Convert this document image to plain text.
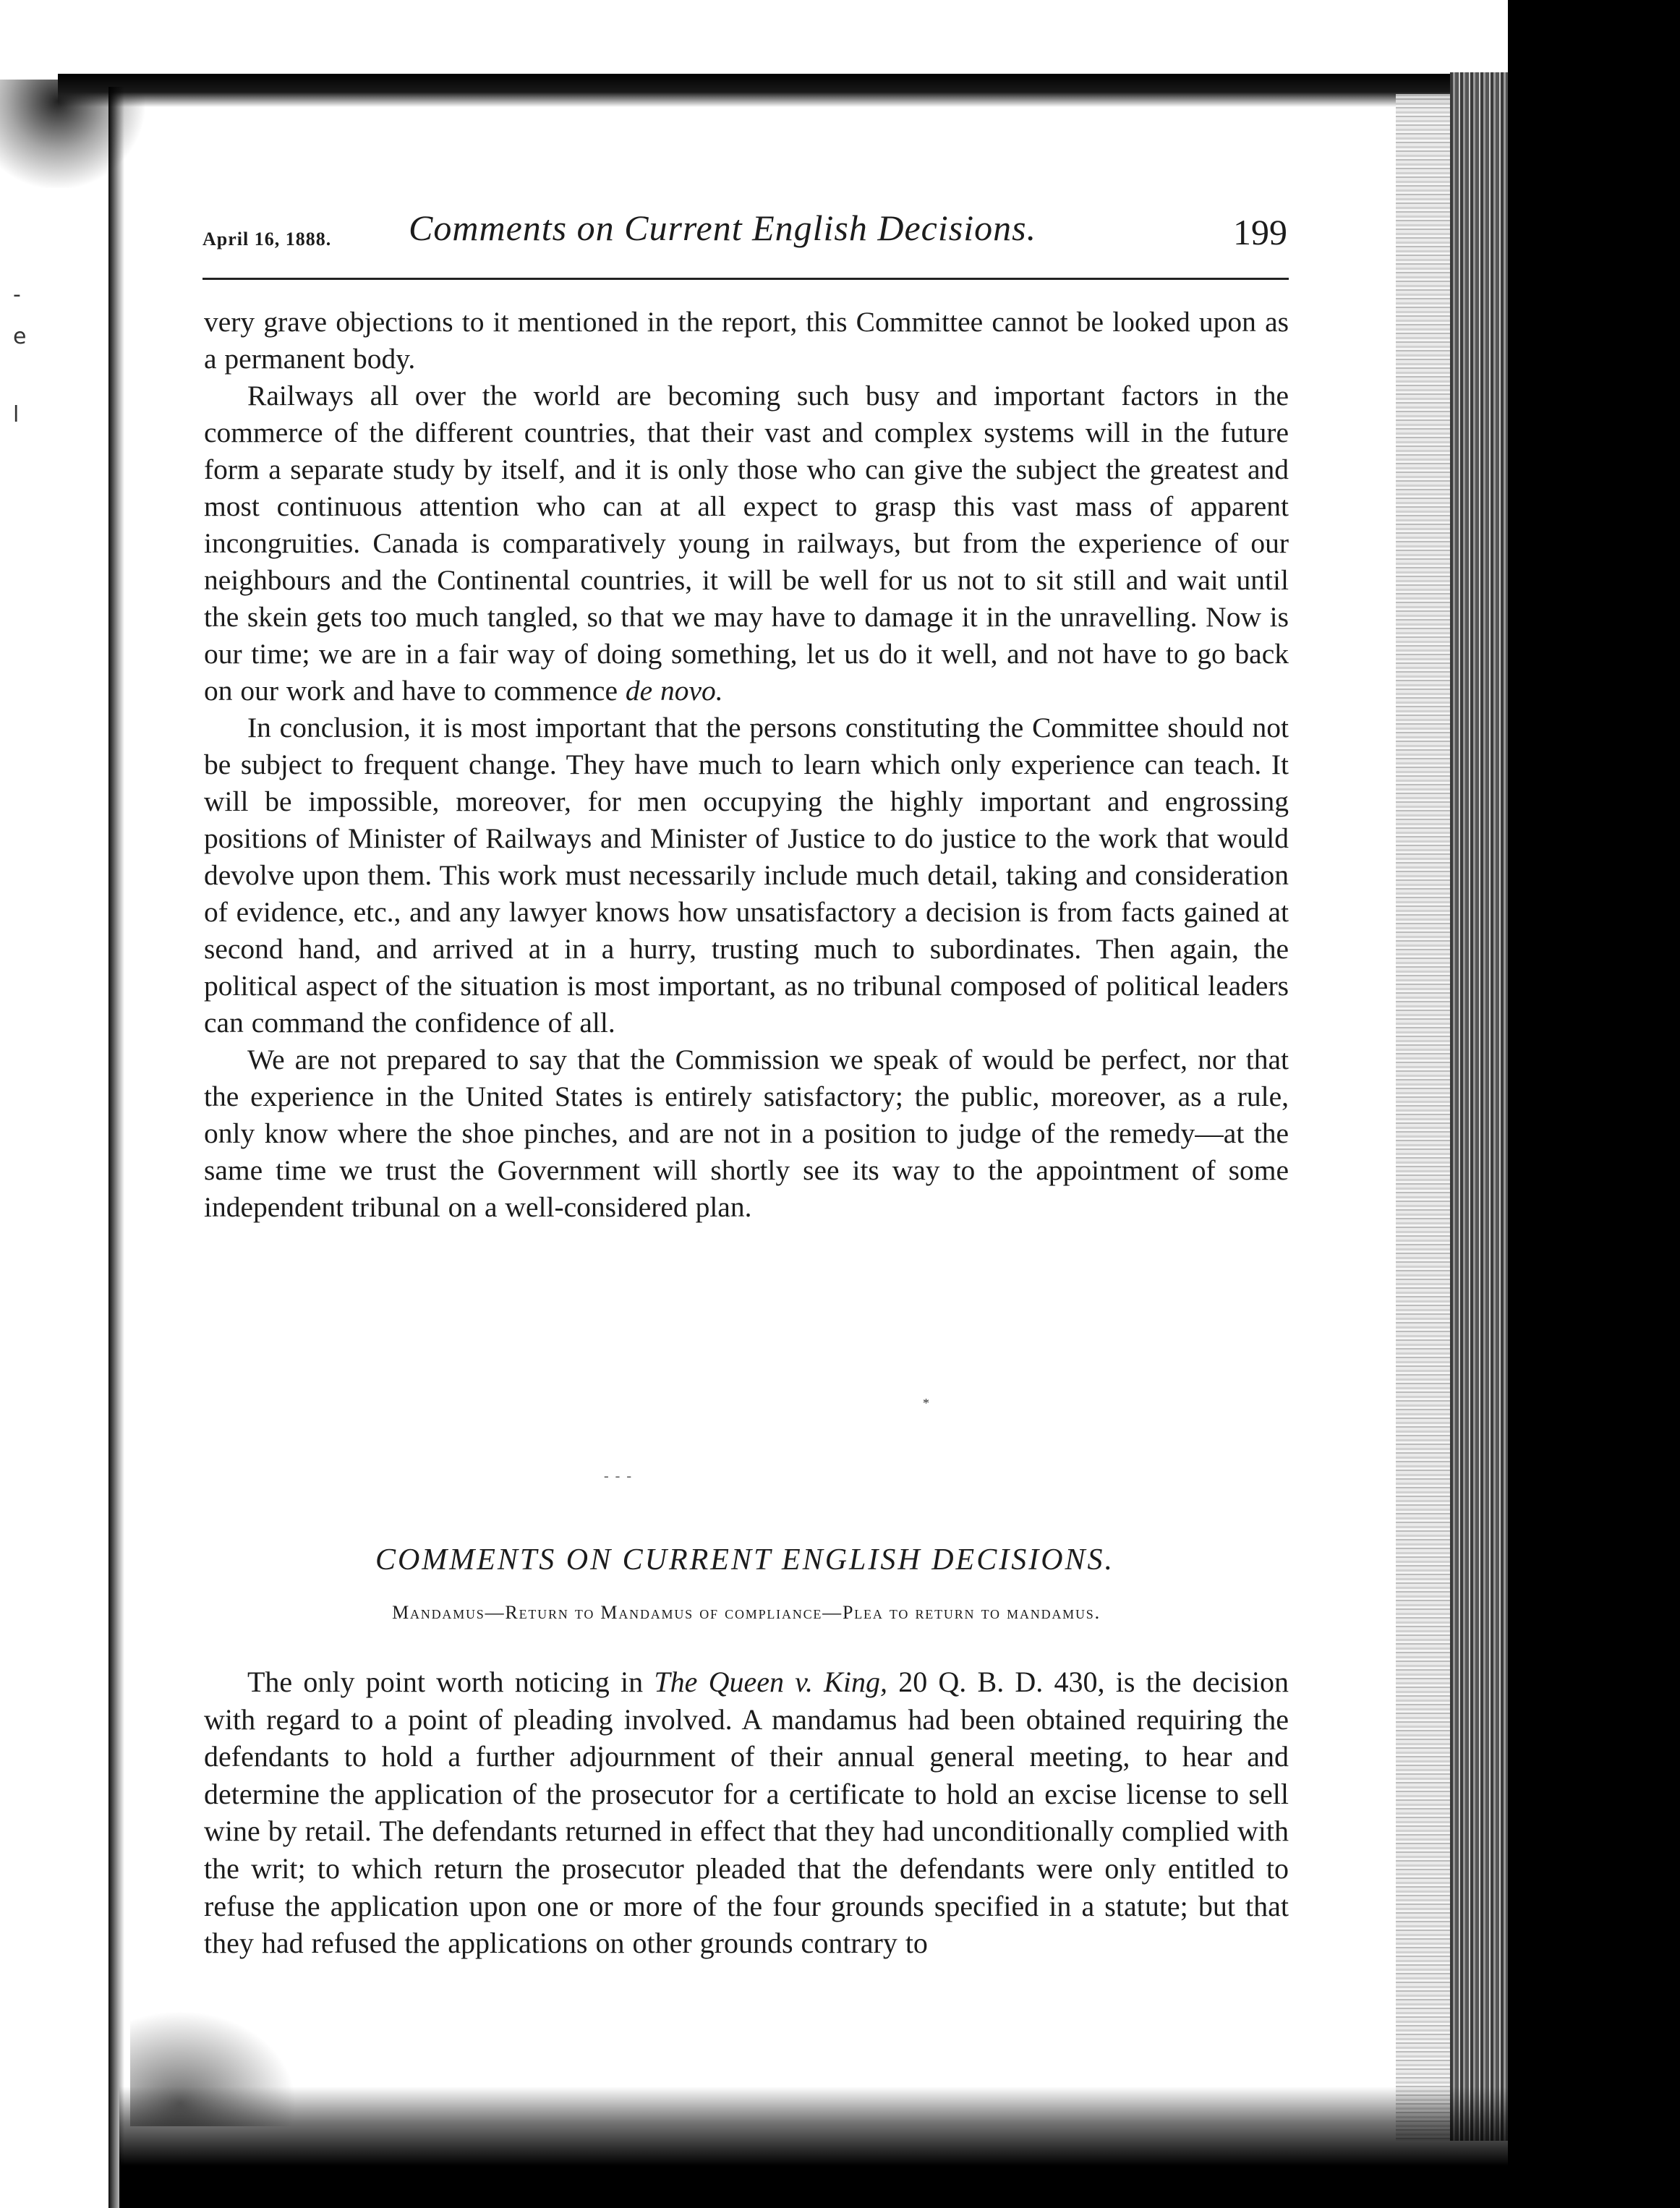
-
e
l
April 16, 1888. Comments on Current English Decisions.	199

very grave objections to it mentioned in the report, this Committee cannot be looked upon as a permanent body.

Railways all over the world are becoming such busy and important factors in the commerce of the different countries, that their vast and complex systems will in the future form a separate study by itself, and it is only those who can give the subject the greatest and most continuous attention who can at all expect to grasp this vast mass of apparent incongruities. Canada is comparatively young in railways, but from the experience of our neighbours and the Continental countries, it will be well for us not to sit still and wait until the skein gets too much tangled, so that we may have to damage it in the unravelling. Now is our time; we are in a fair way of doing something, let us do it well, and not have to go back on our work and have to commence de novo.

In conclusion, it is most important that the persons constituting the Committee should not be subject to frequent change. They have much to learn which only experience can teach. It will be impossible, moreover, for men occupying the highly important and engrossing positions of Minister of Railways and Minister of Justice to do justice to the work that would devolve upon them. This work must necessarily include much detail, taking and consideration of evidence, etc., and any lawyer knows how unsatisfactory a decision is from facts gained at second hand, and arrived at in a hurry, trusting much to subordinates. Then again, the political aspect of the situation is most important, as no tribunal composed of political leaders can command the confidence of all.

We are not prepared to say that the Commission we speak of would be perfect, nor that the experience in the United States is entirely satisfactory; the public, moreover, as a rule, only know where the shoe pinches, and are not in a position to judge of the remedy—at the same time we trust the Government will shortly see its way to the appointment of some independent tribunal on a well-considered plan.

*
- - -
COMMENTS ON CURRENT ENGLISH DECISIONS.
Mandamus—Return to Mandamus of compliance—Plea to return to mandamus.

The only point worth noticing in The Queen v. King, 20 Q. B. D. 430, is the decision with regard to a point of pleading involved. A mandamus had been obtained requiring the defendants to hold a further adjournment of their annual general meeting, to hear and determine the application of the prosecutor for a certificate to hold an excise license to sell wine by retail. The defendants returned in effect that they had unconditionally complied with the writ; to which return the prosecutor pleaded that the defendants were only entitled to refuse the application upon one or more of the four grounds specified in a statute; but that they had refused the applications on other grounds contrary to
